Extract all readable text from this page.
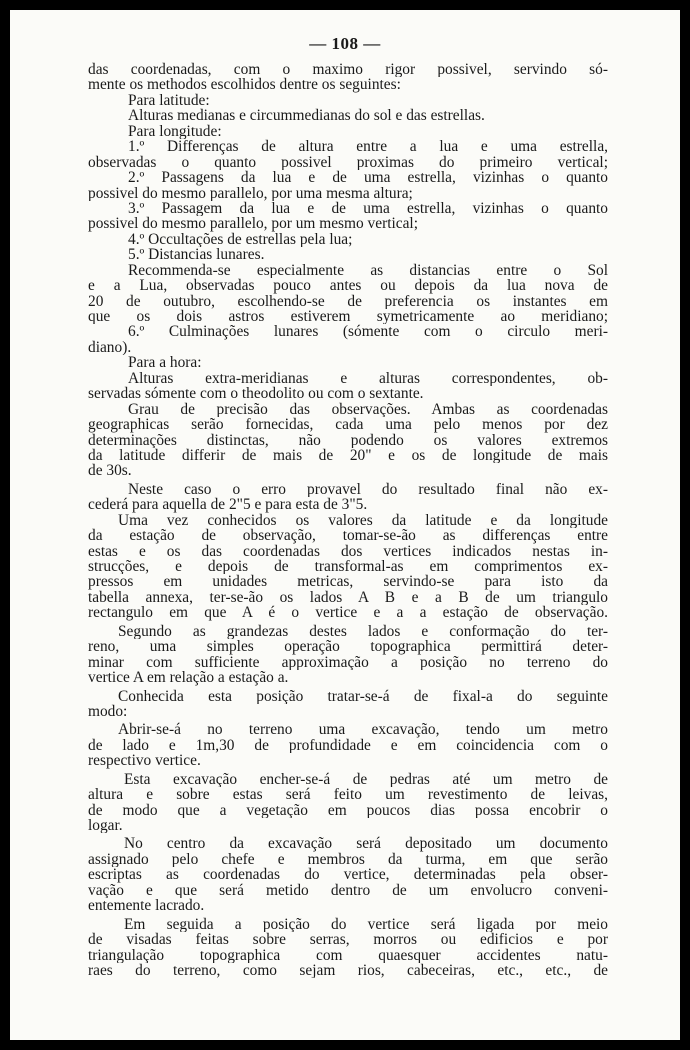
— 108 —
das coordenadas, com o maximo rigor possivel, servindo só-
mente os methodos escolhidos dentre os seguintes:
Para latitude:
Alturas medianas e circummedianas do sol e das estrellas.
Para longitude:
1.º Differenças de altura entre a lua e uma estrella,
observadas o quanto possivel proximas do primeiro vertical;
2.º Passagens da lua e de uma estrella, vizinhas o quanto
possivel do mesmo parallelo, por uma mesma altura;
3.º Passagem da lua e de uma estrella, vizinhas o quanto
possivel do mesmo parallelo, por um mesmo vertical;
4.º Occultações de estrellas pela lua;
5.º Distancias lunares.
Recommenda-se especialmente as distancias entre o Sol
e a Lua, observadas pouco antes ou depois da lua nova de
20 de outubro, escolhendo-se de preferencia os instantes em
que os dois astros estiverem symetricamente ao meridiano;
6.º Culminações lunares (sómente com o circulo meri-
diano).
Para a hora:
Alturas extra-meridianas e alturas correspondentes, ob-
servadas sómente com o theodolito ou com o sextante.
Grau de precisão das observações. Ambas as coordenadas
geographicas serão fornecidas, cada uma pelo menos por dez
determinações distinctas, não podendo os valores extremos
da latitude differir de mais de 20" e os de longitude de mais
de 30s.
Neste caso o erro provavel do resultado final não ex-
cederá para aquella de 2"5 e para esta de 3"5.
Uma vez conhecidos os valores da latitude e da longitude
da estação de observação, tomar-se-ão as differenças entre
estas e os das coordenadas dos vertices indicados nestas in-
strucções, e depois de transformal-as em comprimentos ex-
pressos em unidades metricas, servindo-se para isto da
tabella annexa, ter-se-ão os lados A B e a B de um triangulo
rectangulo em que A é o vertice e a a estação de observação.
Segundo as grandezas destes lados e conformação do ter-
reno, uma simples operação topographica permittirá deter-
minar com sufficiente approximação a posição no terreno do
vertice A em relação a estação a.
Conhecida esta posição tratar-se-á de fixal-a do seguinte
modo:
Abrir-se-á no terreno uma excavação, tendo um metro
de lado e 1m,30 de profundidade e em coincidencia com o
respectivo vertice.
Esta excavação encher-se-á de pedras até um metro de
altura e sobre estas será feito um revestimento de leivas,
de modo que a vegetação em poucos dias possa encobrir o
logar.
No centro da excavação será depositado um documento
assignado pelo chefe e membros da turma, em que serão
escriptas as coordenadas do vertice, determinadas pela obser-
vação e que será metido dentro de um envolucro conveni-
entemente lacrado.
Em seguida a posição do vertice será ligada por meio
de visadas feitas sobre serras, morros ou edificios e por
triangulação topographica com quaesquer accidentes natu-
raes do terreno, como sejam rios, cabeceiras, etc., etc., de
